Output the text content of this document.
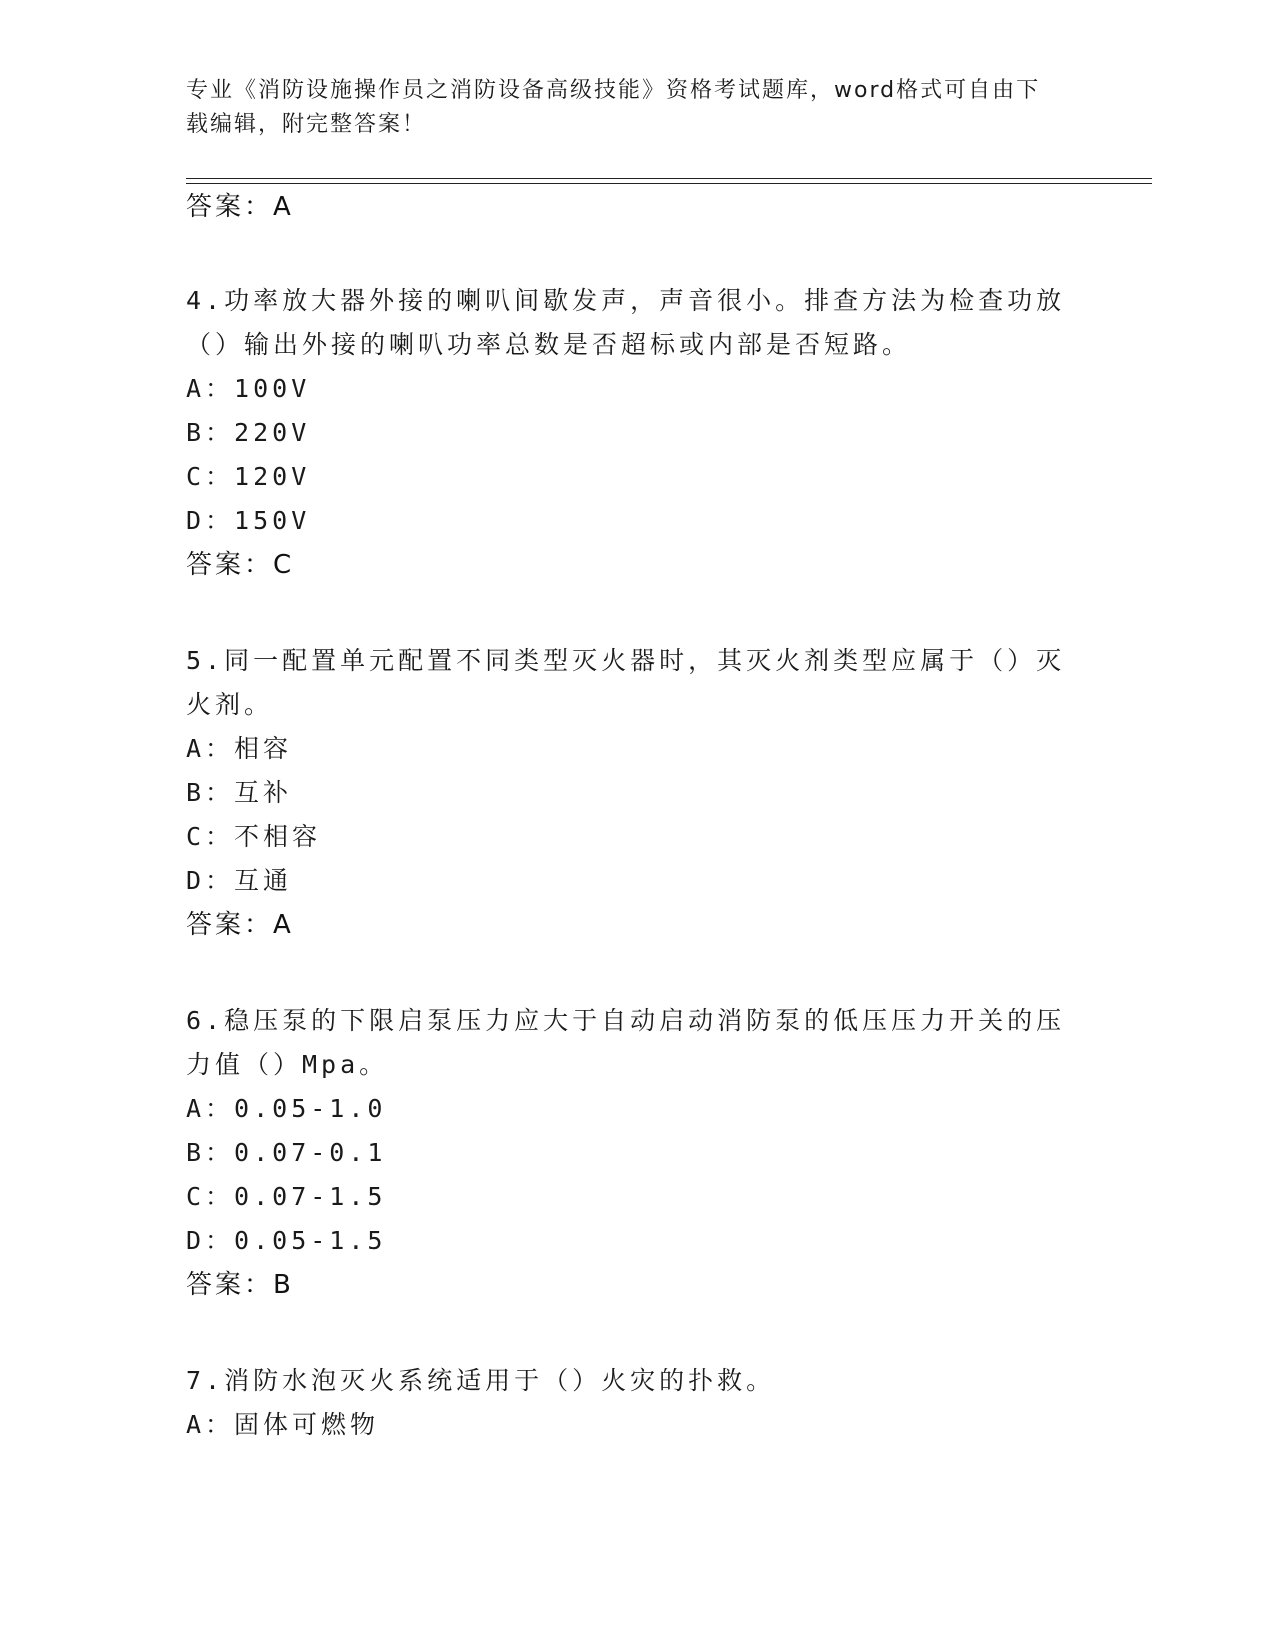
专业《消防设施操作员之消防设备高级技能》资格考试题库，word格式可自由下
载编辑，附完整答案！
答案：A
4.功率放大器外接的喇叭间歇发声，声音很小。排查方法为检查功放
（）输出外接的喇叭功率总数是否超标或内部是否短路。
A：100V
B：220V
C：120V
D：150V
答案：C
5.同一配置单元配置不同类型灭火器时，其灭火剂类型应属于（）灭
火剂。
A：相容
B：互补
C：不相容
D：互通
答案：A
6.稳压泵的下限启泵压力应大于自动启动消防泵的低压压力开关的压
力值（）Mpa。
A：0.05-1.0
B：0.07-0.1
C：0.07-1.5
D：0.05-1.5
答案：B
7.消防水泡灭火系统适用于（）火灾的扑救。
A：固体可燃物
